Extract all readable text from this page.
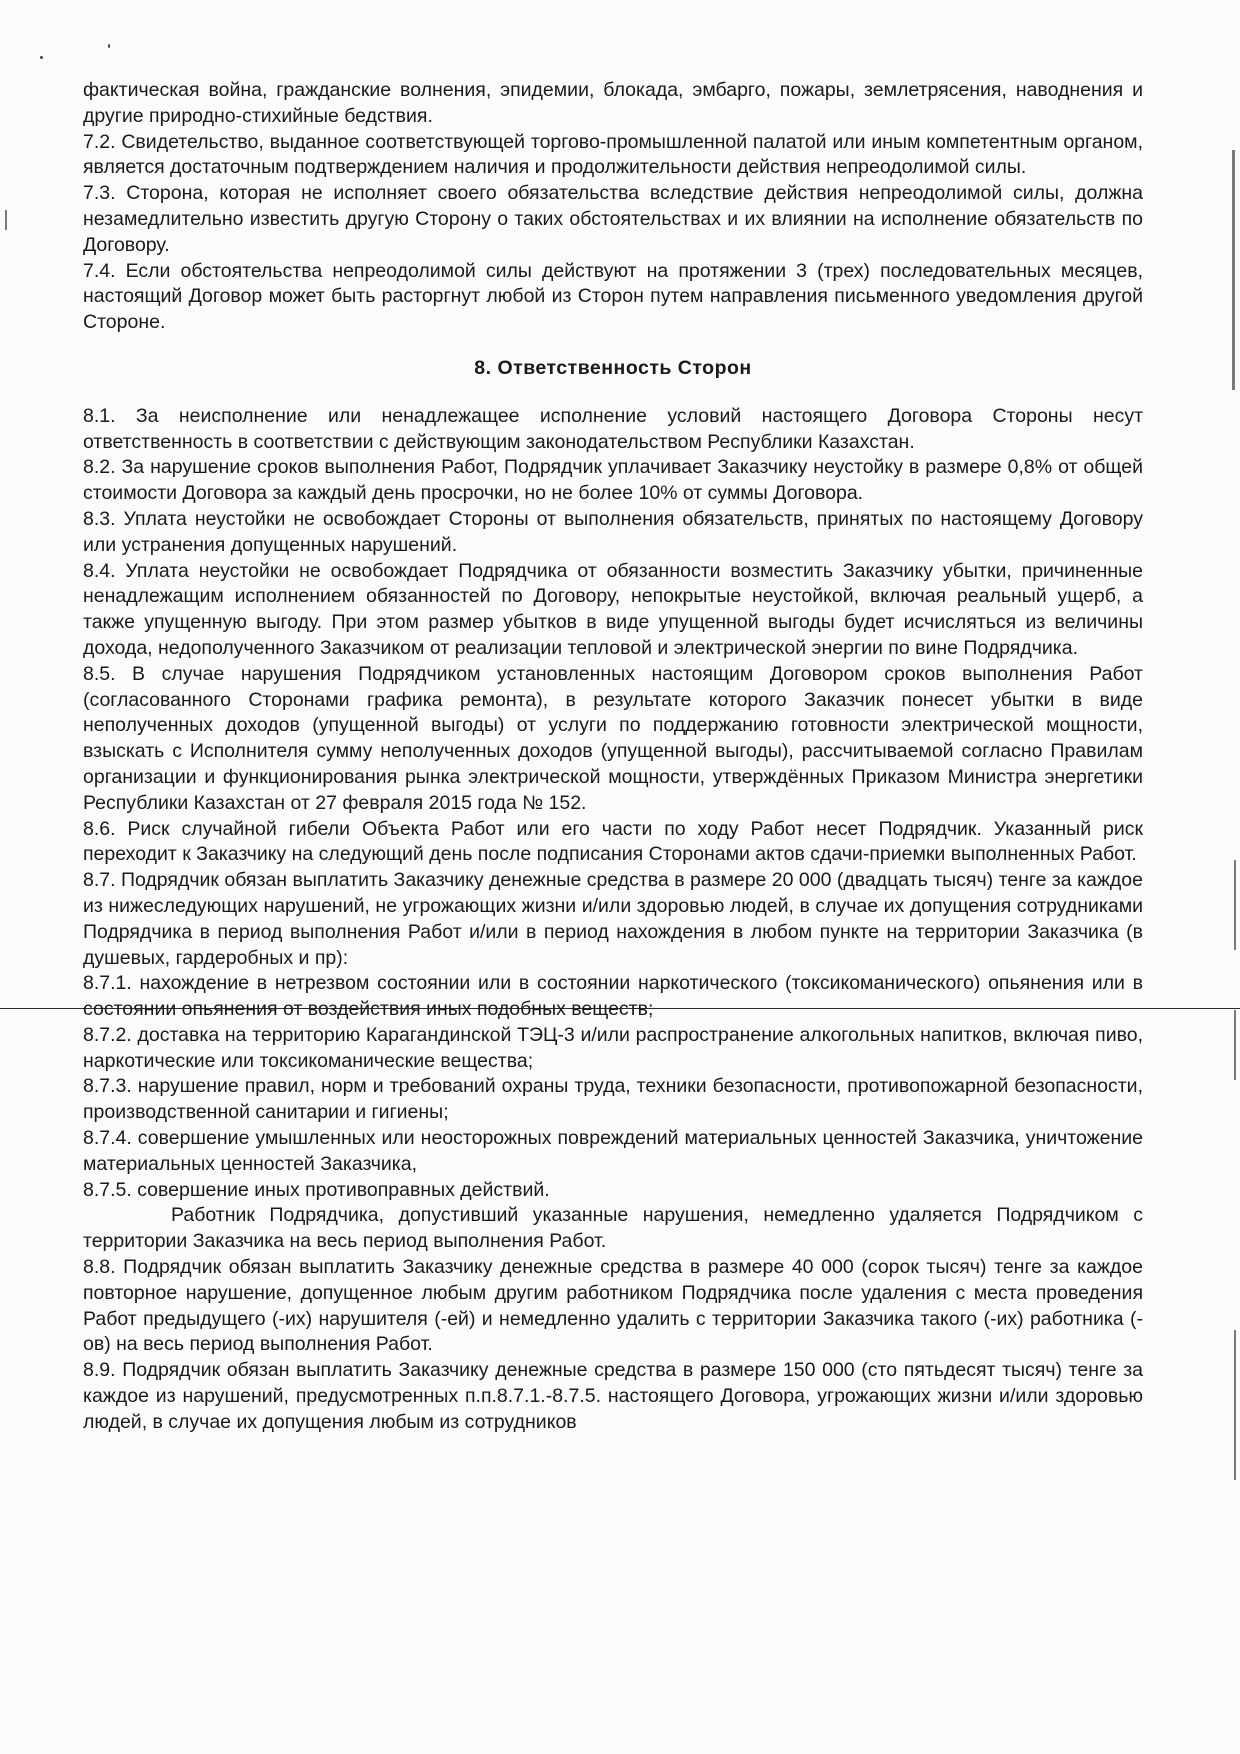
фактическая война, гражданские волнения, эпидемии, блокада, эмбарго, пожары, землетрясения, наводнения и другие природно-стихийные бедствия.

7.2. Свидетельство, выданное соответствующей торгово-промышленной палатой или иным компетентным органом, является достаточным подтверждением наличия и продолжительности действия непреодолимой силы.

7.3. Сторона, которая не исполняет своего обязательства вследствие действия непреодолимой силы, должна незамедлительно известить другую Сторону о таких обстоятельствах и их влиянии на исполнение обязательств по Договору.

7.4. Если обстоятельства непреодолимой силы действуют на протяжении 3 (трех) последовательных месяцев, настоящий Договор может быть расторгнут любой из Сторон путем направления письменного уведомления другой Стороне.

8. Ответственность Сторон

8.1. За неисполнение или ненадлежащее исполнение условий настоящего Договора Стороны несут ответственность в соответствии с действующим законодательством Республики Казахстан.

8.2. За нарушение сроков выполнения Работ, Подрядчик уплачивает Заказчику неустойку в размере 0,8% от общей стоимости Договора за каждый день просрочки, но не более 10% от суммы Договора.

8.3. Уплата неустойки не освобождает Стороны от выполнения обязательств, принятых по настоящему Договору или устранения допущенных нарушений.

8.4. Уплата неустойки не освобождает Подрядчика от обязанности возместить Заказчику убытки, причиненные ненадлежащим исполнением обязанностей по Договору, непокрытые неустойкой, включая реальный ущерб, а также упущенную выгоду. При этом размер убытков в виде упущенной выгоды будет исчисляться из величины дохода, недополученного Заказчиком от реализации тепловой и электрической энергии по вине Подрядчика.

8.5. В случае нарушения Подрядчиком установленных настоящим Договором сроков выполнения Работ (согласованного Сторонами графика ремонта), в результате которого Заказчик понесет убытки в виде неполученных доходов (упущенной выгоды) от услуги по поддержанию готовности электрической мощности, взыскать с Исполнителя сумму неполученных доходов (упущенной выгоды), рассчитываемой согласно Правилам организации и функционирования рынка электрической мощности, утверждённых Приказом Министра энергетики Республики Казахстан от 27 февраля 2015 года № 152.

8.6. Риск случайной гибели Объекта Работ или его части по ходу Работ несет Подрядчик. Указанный риск переходит к Заказчику на следующий день после подписания Сторонами актов сдачи-приемки выполненных Работ.

8.7. Подрядчик обязан выплатить Заказчику денежные средства в размере 20 000 (двадцать тысяч) тенге за каждое из нижеследующих нарушений, не угрожающих жизни и/или здоровью людей, в случае их допущения сотрудниками Подрядчика в период выполнения Работ и/или в период нахождения в любом пункте на территории Заказчика (в душевых, гардеробных и пр):

8.7.1. нахождение в нетрезвом состоянии или в состоянии наркотического (токсикоманического) опьянения или в состоянии опьянения от воздействия иных подобных веществ;

8.7.2. доставка на территорию Карагандинской ТЭЦ-3 и/или распространение алкогольных напитков, включая пиво, наркотические или токсикоманические вещества;

8.7.3. нарушение правил, норм и требований охраны труда, техники безопасности, противопожарной безопасности, производственной санитарии и гигиены;

8.7.4. совершение умышленных или неосторожных повреждений материальных ценностей Заказчика, уничтожение материальных ценностей Заказчика,

8.7.5. совершение иных противоправных действий.

Работник Подрядчика, допустивший указанные нарушения, немедленно удаляется Подрядчиком с территории Заказчика на весь период выполнения Работ.

8.8. Подрядчик обязан выплатить Заказчику денежные средства в размере 40 000 (сорок тысяч) тенге за каждое повторное нарушение, допущенное любым другим работником Подрядчика после удаления с места проведения Работ предыдущего (-их) нарушителя (-ей) и немедленно удалить с территории Заказчика такого (-их) работника (-ов) на весь период выполнения Работ.

8.9. Подрядчик обязан выплатить Заказчику денежные средства в размере 150 000 (сто пятьдесят тысяч) тенге за каждое из нарушений, предусмотренных п.п.8.7.1.-8.7.5. настоящего Договора, угрожающих жизни и/или здоровью людей, в случае их допущения любым из сотрудников
